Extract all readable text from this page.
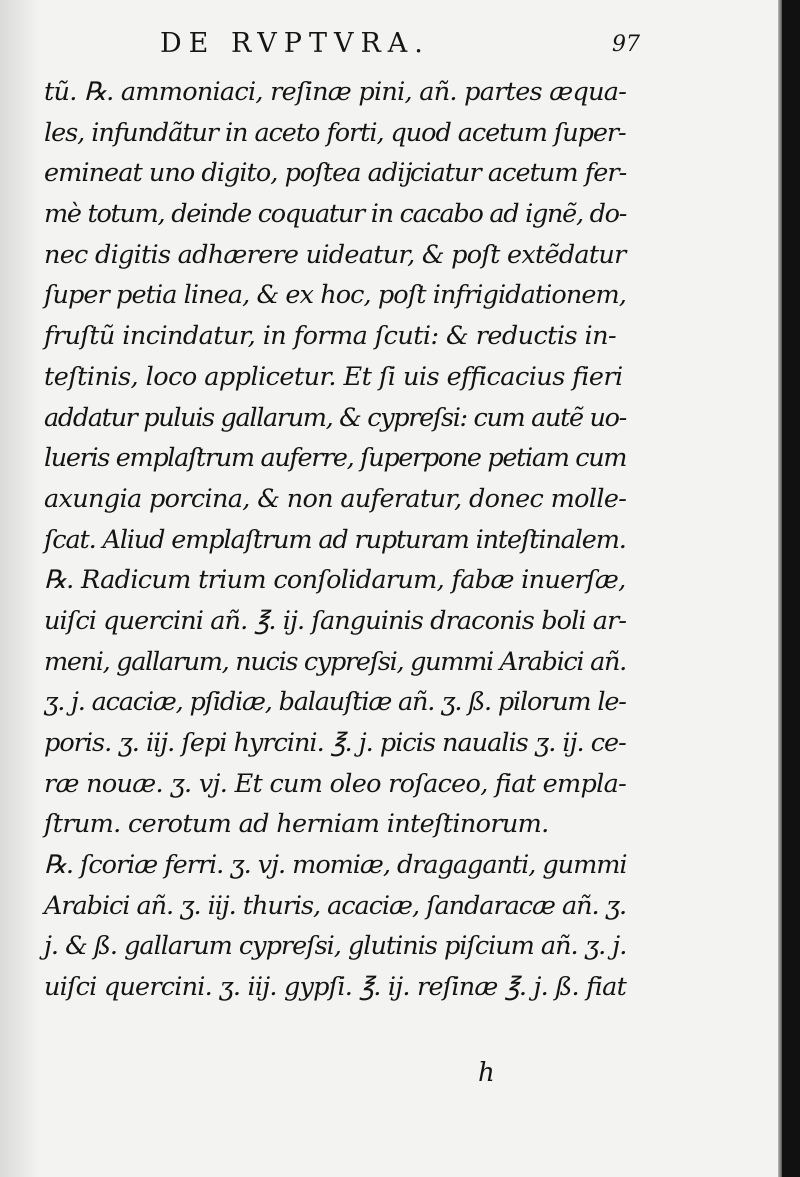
DE RVPTVRA.	97
tũ. ℞. ammoniaci, reſinæ pini, añ. partes æqua-
les, infundãtur in aceto forti, quod acetum ſuper-
emineat uno digito, poſtea adĳciatur acetum fer-
mè totum, deinde coquatur in cacabo ad ignẽ, do-
nec digitis adhærere uideatur, & poſt extẽdatur
ſuper petia linea, & ex hoc, poſt infrigidationem,
fruſtũ incindatur, in forma ſcuti: & reductis in-
teſtinis, loco applicetur. Et ſi uis efficacius fieri
addatur puluis gallarum, & cypreſsi: cum autẽ uo-
lueris emplaſtrum auferre, ſuperpone petiam cum
axungia porcina, & non auferatur, donec molle-
ſcat. Aliud emplaſtrum ad rupturam inteſtinalem.
℞. Radicum trium conſolidarum, fabæ inuerſæ,
uiſci quercini añ. ℥. ij. ſanguinis draconis boli ar-
meni, gallarum, nucis cypreſsi, gummi Arabici añ.
ʒ. j. acaciæ, pſidiæ, balauſtiæ añ. ʒ. ß. pilorum le-
poris. ʒ. iij. ſepi hyrcini. ℥. j. picis naualis ʒ. ij. ce-
ræ nouæ. ʒ. vj. Et cum oleo roſaceo, fiat empla-
ſtrum. cerotum ad herniam inteſtinorum.
℞. ſcoriæ ferri. ʒ. vj. momiæ, dragaganti, gummi
Arabici añ. ʒ. iij. thuris, acaciæ, ſandaracæ añ. ʒ.
j. & ß. gallarum cypreſsi, glutinis piſcium añ. ʒ. j.
uiſci quercini. ʒ. iij. gypſi. ℥. ij. reſinæ ℥. j. ß. fiat
h
